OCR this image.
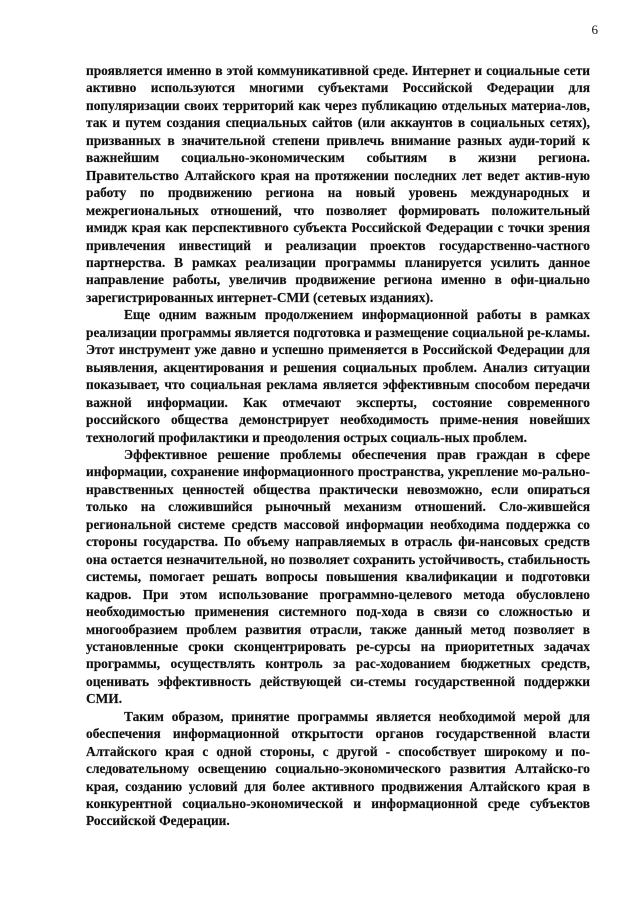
6

проявляется именно в этой коммуникативной среде. Интернет и социальные сети активно используются многими субъектами Российской Федерации для популяризации своих территорий как через публикацию отдельных материа-лов, так и путем создания специальных сайтов (или аккаунтов в социальных сетях), призванных в значительной степени привлечь внимание разных ауди-торий к важнейшим социально-экономическим событиям в жизни региона. Правительство Алтайского края на протяжении последних лет ведет актив-ную работу по продвижению региона на новый уровень международных и межрегиональных отношений, что позволяет формировать положительный имидж края как перспективного субъекта Российской Федерации с точки зрения привлечения инвестиций и реализации проектов государственно-частного партнерства. В рамках реализации программы планируется усилить данное направление работы, увеличив продвижение региона именно в офи-циально зарегистрированных интернет-СМИ (сетевых изданиях).

Еще одним важным продолжением информационной работы в рамках реализации программы является подготовка и размещение социальной ре-кламы. Этот инструмент уже давно и успешно применяется в Российской Федерации для выявления, акцентирования и решения социальных проблем. Анализ ситуации показывает, что социальная реклама является эффективным способом передачи важной информации. Как отмечают эксперты, состояние современного российского общества демонстрирует необходимость приме-нения новейших технологий профилактики и преодоления острых социаль-ных проблем.

Эффективное решение проблемы обеспечения прав граждан в сфере информации, сохранение информационного пространства, укрепление мо-рально-нравственных ценностей общества практически невозможно, если опираться только на сложившийся рыночный механизм отношений. Сло-жившейся региональной системе средств массовой информации необходима поддержка со стороны государства. По объему направляемых в отрасль фи-нансовых средств она остается незначительной, но позволяет сохранить устойчивость, стабильность системы, помогает решать вопросы повышения квалификации и подготовки кадров. При этом использование программно-целевого метода обусловлено необходимостью применения системного под-хода в связи со сложностью и многообразием проблем развития отрасли, также данный метод позволяет в установленные сроки сконцентрировать ре-сурсы на приоритетных задачах программы, осуществлять контроль за рас-ходованием бюджетных средств, оценивать эффективность действующей си-стемы государственной поддержки СМИ.

Таким образом, принятие программы является необходимой мерой для обеспечения информационной открытости органов государственной власти Алтайского края с одной стороны, с другой - способствует широкому и по-следовательному освещению социально-экономического развития Алтайско-го края, созданию условий для более активного продвижения Алтайского края в конкурентной социально-экономической и информационной среде субъектов Российской Федерации.
